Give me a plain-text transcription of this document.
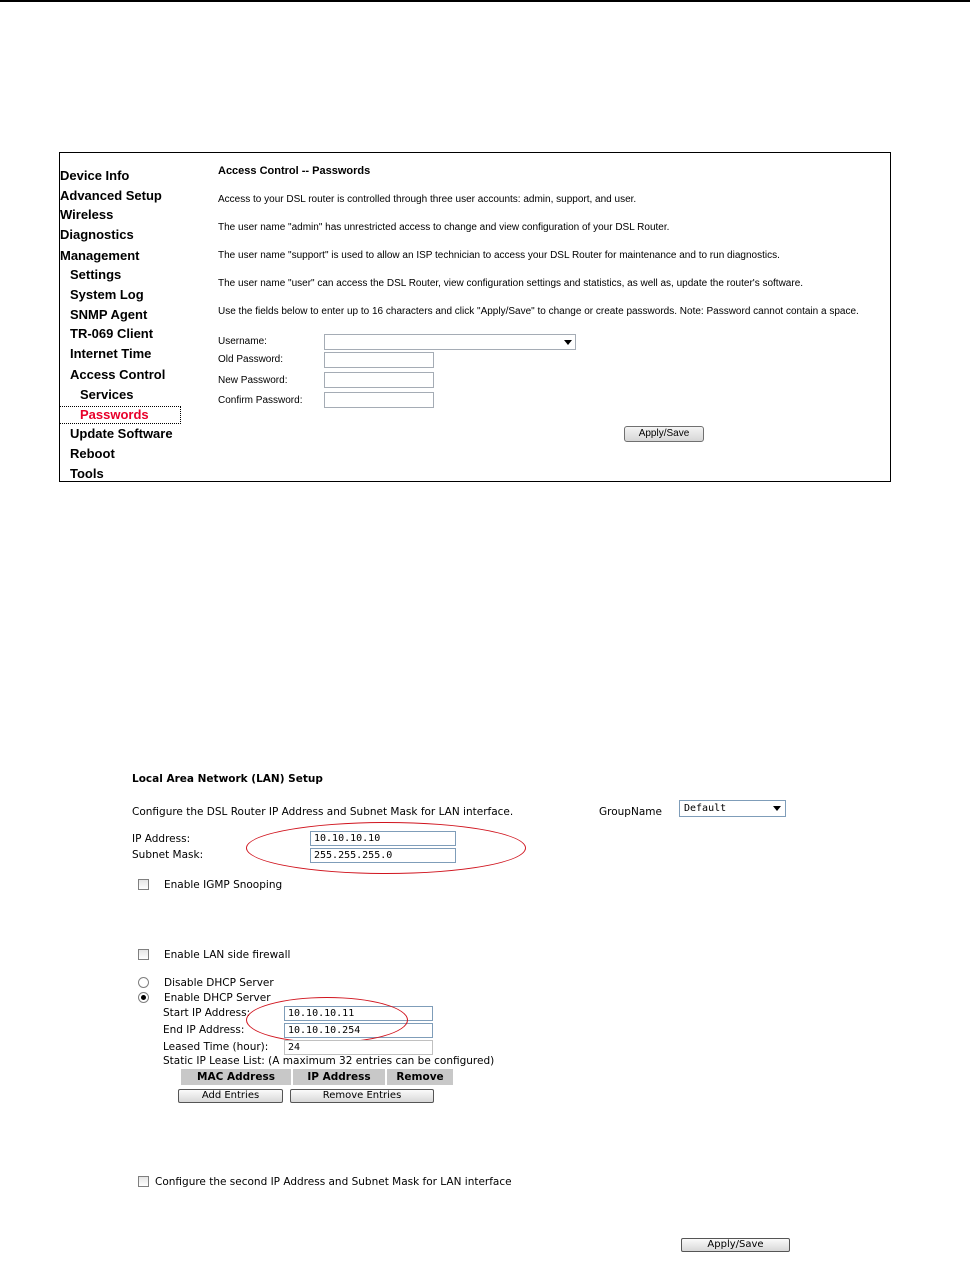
Device Info
Advanced Setup
Wireless
Diagnostics
Management
Settings
System Log
SNMP Agent
TR-069 Client
Internet Time
Access Control
Services
Passwords
Update Software
Reboot
Tools
Access Control -- Passwords
Access to your DSL router is controlled through three user accounts: admin, support, and user.
The user name "admin" has unrestricted access to change and view configuration of your DSL Router.
The user name "support" is used to allow an ISP technician to access your DSL Router for maintenance and to run diagnostics.
The user name "user" can access the DSL Router, view configuration settings and statistics, as well as, update the router's software.
Use the fields below to enter up to 16 characters and click "Apply/Save" to change or create passwords. Note: Password cannot contain a space.
Username:
Old Password:
New Password:
Confirm Password:
Apply/Save
Local Area Network (LAN) Setup
Configure the DSL Router IP Address and Subnet Mask for LAN interface.	GroupName	Default
IP Address:	10.10.10.10
Subnet Mask:	255.255.255.0
Enable IGMP Snooping
Enable LAN side firewall
Disable DHCP Server
Enable DHCP Server
Start IP Address:	10.10.10.11
End IP Address:	10.10.10.254
Leased Time (hour):	24
Static IP Lease List: (A maximum 32 entries can be configured)
MAC Address	IP Address	Remove
Add Entries	Remove Entries
Configure the second IP Address and Subnet Mask for LAN interface
Apply/Save
